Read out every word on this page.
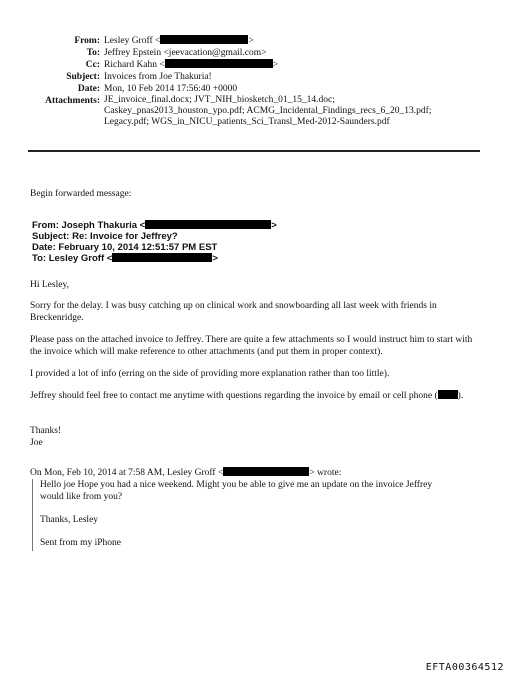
From: Lesley Groff <	>
To: Jeffrey Epstein <jeevacation@gmail.com>
Cc: Richard Kahn <	>
Subject: Invoices from Joe Thakuria!
Date: Mon, 10 Feb 2014 17:56:40 +0000
Attachments: JE_invoice_final.docx; JVT_NIH_biosketch_01_15_14.doc;
Caskey_pnas2013_houston_ypo.pdf; ACMG_Incidental_Findings_recs_6_20_13.pdf;
Legacy.pdf; WGS_in_NICU_patients_Sci_Transl_Med-2012-Saunders.pdf
Begin forwarded message:
From: Joseph Thakuria <	>
Subject: Re: Invoice for Jeffrey?
Date: February 10, 2014 12:51:57 PM EST
To: Lesley Groff <	>
Hi Lesley,
Sorry for the delay. I was busy catching up on clinical work and snowboarding all last week with friends in Breckenridge.
Please pass on the attached invoice to Jeffrey. There are quite a few attachments so I would instruct him to start with the invoice which will make reference to other attachments (and put them in proper context).
I provided a lot of info (erring on the side of providing more explanation rather than too little).
Jeffrey should feel free to contact me anytime with questions regarding the invoice by email or cell phone ( ).
Thanks!
Joe
On Mon, Feb 10, 2014 at 7:58 AM, Lesley Groff <	> wrote:
Hello joe Hope you had a nice weekend. Might you be able to give me an update on the invoice Jeffrey
would like from you?
Thanks, Lesley
Sent from my iPhone
EFTA00364512
